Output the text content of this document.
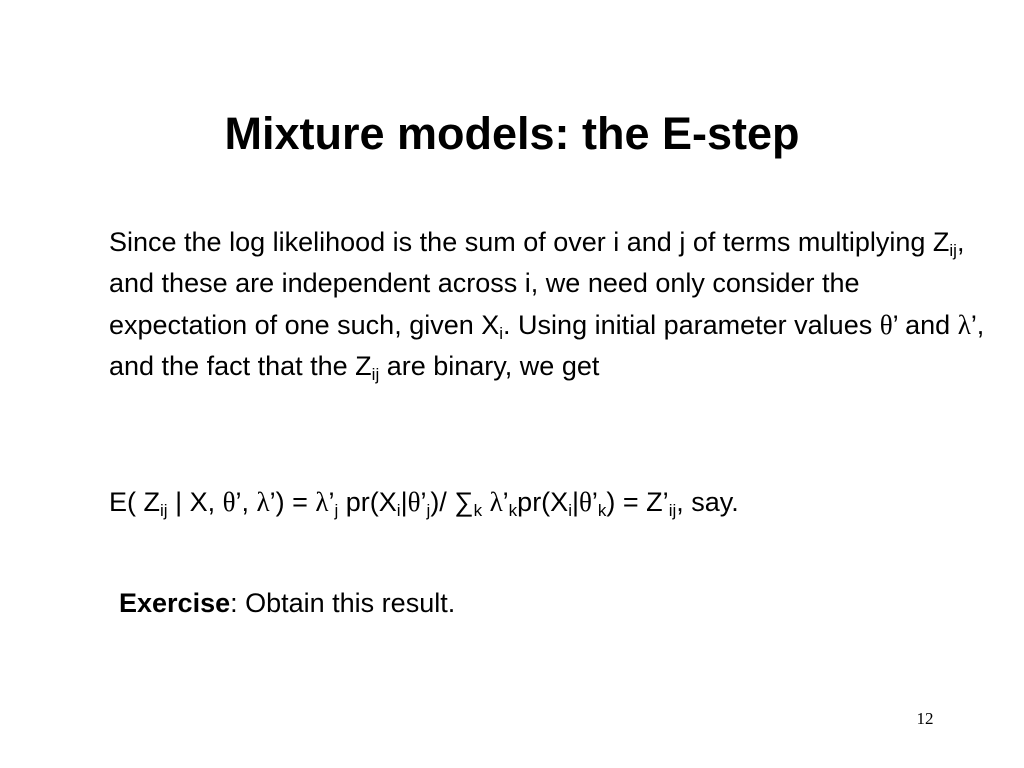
Mixture models: the E-step
Since the log likelihood is the sum of over i and j of terms multiplying $Z_{ij}$, and these are independent across i, we need only consider the expectation of one such, given $X_i$. Using initial parameter values θ’ and λ’, and the fact that the $Z_{ij}$ are binary, we get
E( $Z_{ij}$ | X, θ’, λ’) = $\lambda’_j$ $pr(X_i|\theta’_j)/$ $\sum_k$ $\lambda’_kpr(X_i|\theta’_k)$ = $Z’_{ij}$, say.
Exercise: Obtain this result.
12
